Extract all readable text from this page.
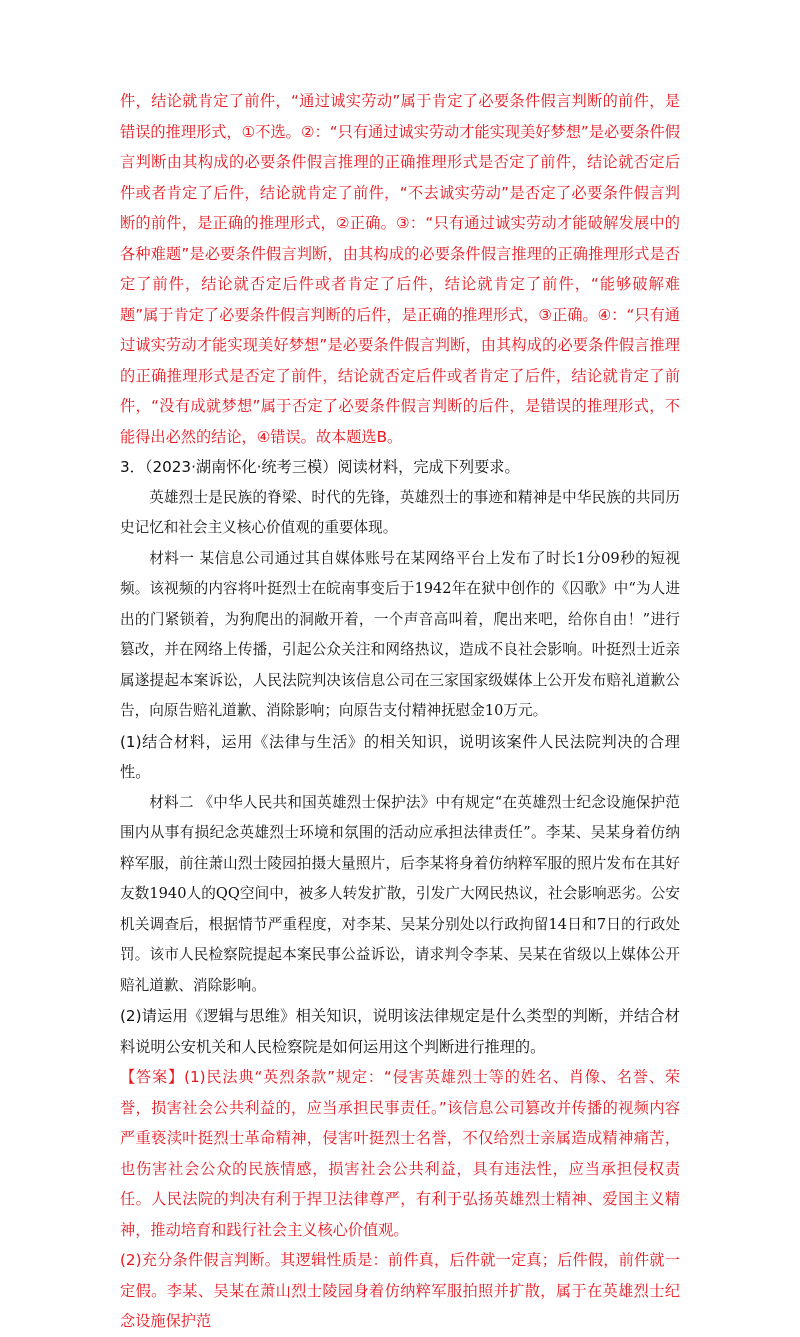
件，结论就肯定了前件，“通过诚实劳动”属于肯定了必要条件假言判断的前件，是错误的推理形式，①不选。②：“只有通过诚实劳动才能实现美好梦想”是必要条件假言判断由其构成的必要条件假言推理的正确推理形式是否定了前件，结论就否定后件或者肯定了后件，结论就肯定了前件，“不去诚实劳动”是否定了必要条件假言判断的前件，是正确的推理形式，②正确。③：“只有通过诚实劳动才能破解发展中的各种难题”是必要条件假言判断，由其构成的必要条件假言推理的正确推理形式是否定了前件，结论就否定后件或者肯定了后件，结论就肯定了前件，“能够破解难题”属于肯定了必要条件假言判断的后件，是正确的推理形式，③正确。④：“只有通过诚实劳动才能实现美好梦想”是必要条件假言判断，由其构成的必要条件假言推理的正确推理形式是否定了前件，结论就否定后件或者肯定了后件，结论就肯定了前件，“没有成就梦想”属于否定了必要条件假言判断的后件，是错误的推理形式，不能得出必然的结论，④错误。故本题选B。

3．（2023·湖南怀化·统考三模）阅读材料，完成下列要求。

英雄烈士是民族的脊梁、时代的先锋，英雄烈士的事迹和精神是中华民族的共同历史记忆和社会主义核心价值观的重要体现。

材料一 某信息公司通过其自媒体账号在某网络平台上发布了时长1分09秒的短视频。该视频的内容将叶挺烈士在皖南事变后于1942年在狱中创作的《囚歌》中“为人进出的门紧锁着，为狗爬出的洞敞开着，一个声音高叫着，爬出来吧，给你自由！”进行篡改，并在网络上传播，引起公众关注和网络热议，造成不良社会影响。叶挺烈士近亲属遂提起本案诉讼，人民法院判决该信息公司在三家国家级媒体上公开发布赔礼道歉公告，向原告赔礼道歉、消除影响；向原告支付精神抚慰金10万元。

(1)结合材料，运用《法律与生活》的相关知识，说明该案件人民法院判决的合理性。

材料二 《中华人民共和国英雄烈士保护法》中有规定“在英雄烈士纪念设施保护范围内从事有损纪念英雄烈士环境和氛围的活动应承担法律责任”。李某、吴某身着仿纳粹军服，前往萧山烈士陵园拍摄大量照片，后李某将身着仿纳粹军服的照片发布在其好友数1940人的QQ空间中，被多人转发扩散，引发广大网民热议，社会影响恶劣。公安机关调查后，根据情节严重程度，对李某、吴某分别处以行政拘留14日和7日的行政处罚。该市人民检察院提起本案民事公益诉讼，请求判令李某、吴某在省级以上媒体公开赔礼道歉、消除影响。

(2)请运用《逻辑与思维》相关知识，说明该法律规定是什么类型的判断，并结合材料说明公安机关和人民检察院是如何运用这个判断进行推理的。

【答案】(1)民法典“英烈条款”规定：“侵害英雄烈士等的姓名、肖像、名誉、荣誉，损害社会公共利益的，应当承担民事责任。”该信息公司篡改并传播的视频内容严重亵渎叶挺烈士革命精神，侵害叶挺烈士名誉，不仅给烈士亲属造成精神痛苦，也伤害社会公众的民族情感，损害社会公共利益，具有违法性，应当承担侵权责任。人民法院的判决有利于捍卫法律尊严，有利于弘扬英雄烈士精神、爱国主义精神，推动培育和践行社会主义核心价值观。

(2)充分条件假言判断。其逻辑性质是：前件真，后件就一定真；后件假，前件就一定假。李某、吴某在萧山烈士陵园身着仿纳粹军服拍照并扩散，属于在英雄烈士纪念设施保护范
